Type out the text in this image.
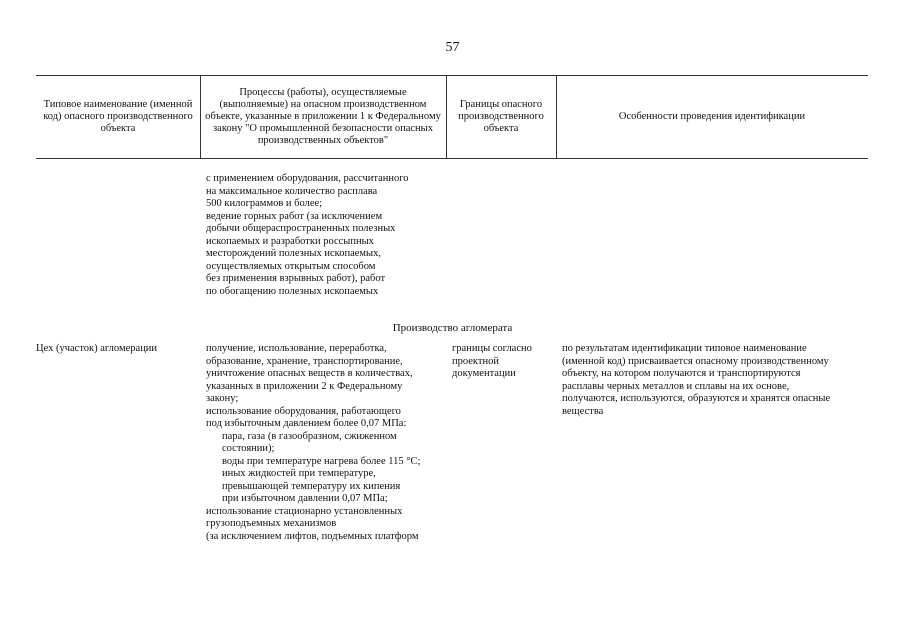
57
Типовое наименование (именной код) опасного производственного объекта
Процессы (работы), осуществляемые (выполняемые) на опасном производственном объекте, указанные в приложении 1 к Федеральному закону "О промышленной безопасности опасных производственных объектов"
Границы опасного производственного объекта
Особенности проведения идентификации
с применением оборудования, рассчитанного
на максимальное количество расплава
500 килограммов и более;
ведение горных работ (за исключением
добычи общераспространенных полезных
ископаемых и разработки россыпных
месторождений полезных ископаемых,
осуществляемых открытым способом
без применения взрывных работ), работ
по обогащению полезных ископаемых
Производство агломерата
Цех (участок) агломерации	получение, использование, переработка,
образование, хранение, транспортирование,
уничтожение опасных веществ в количествах,
указанных в приложении 2 к Федеральному
закону;
использование оборудования, работающего
под избыточным давлением более 0,07 МПа:
пара, газа (в газообразном, сжиженном
состоянии);
воды при температуре нагрева более 115 °С;
иных жидкостей при температуре,
превышающей температуру их кипения
при избыточном давлении 0,07 МПа;
использование стационарно установленных
грузоподъемных механизмов
(за исключением лифтов, подъемных платформ
границы согласно
проектной
документации
по результатам идентификации типовое наименование
(именной код) присваивается опасному производственному
объекту, на котором получаются и транспортируются
расплавы черных металлов и сплавы на их основе,
получаются, используются, образуются и хранятся опасные
вещества
